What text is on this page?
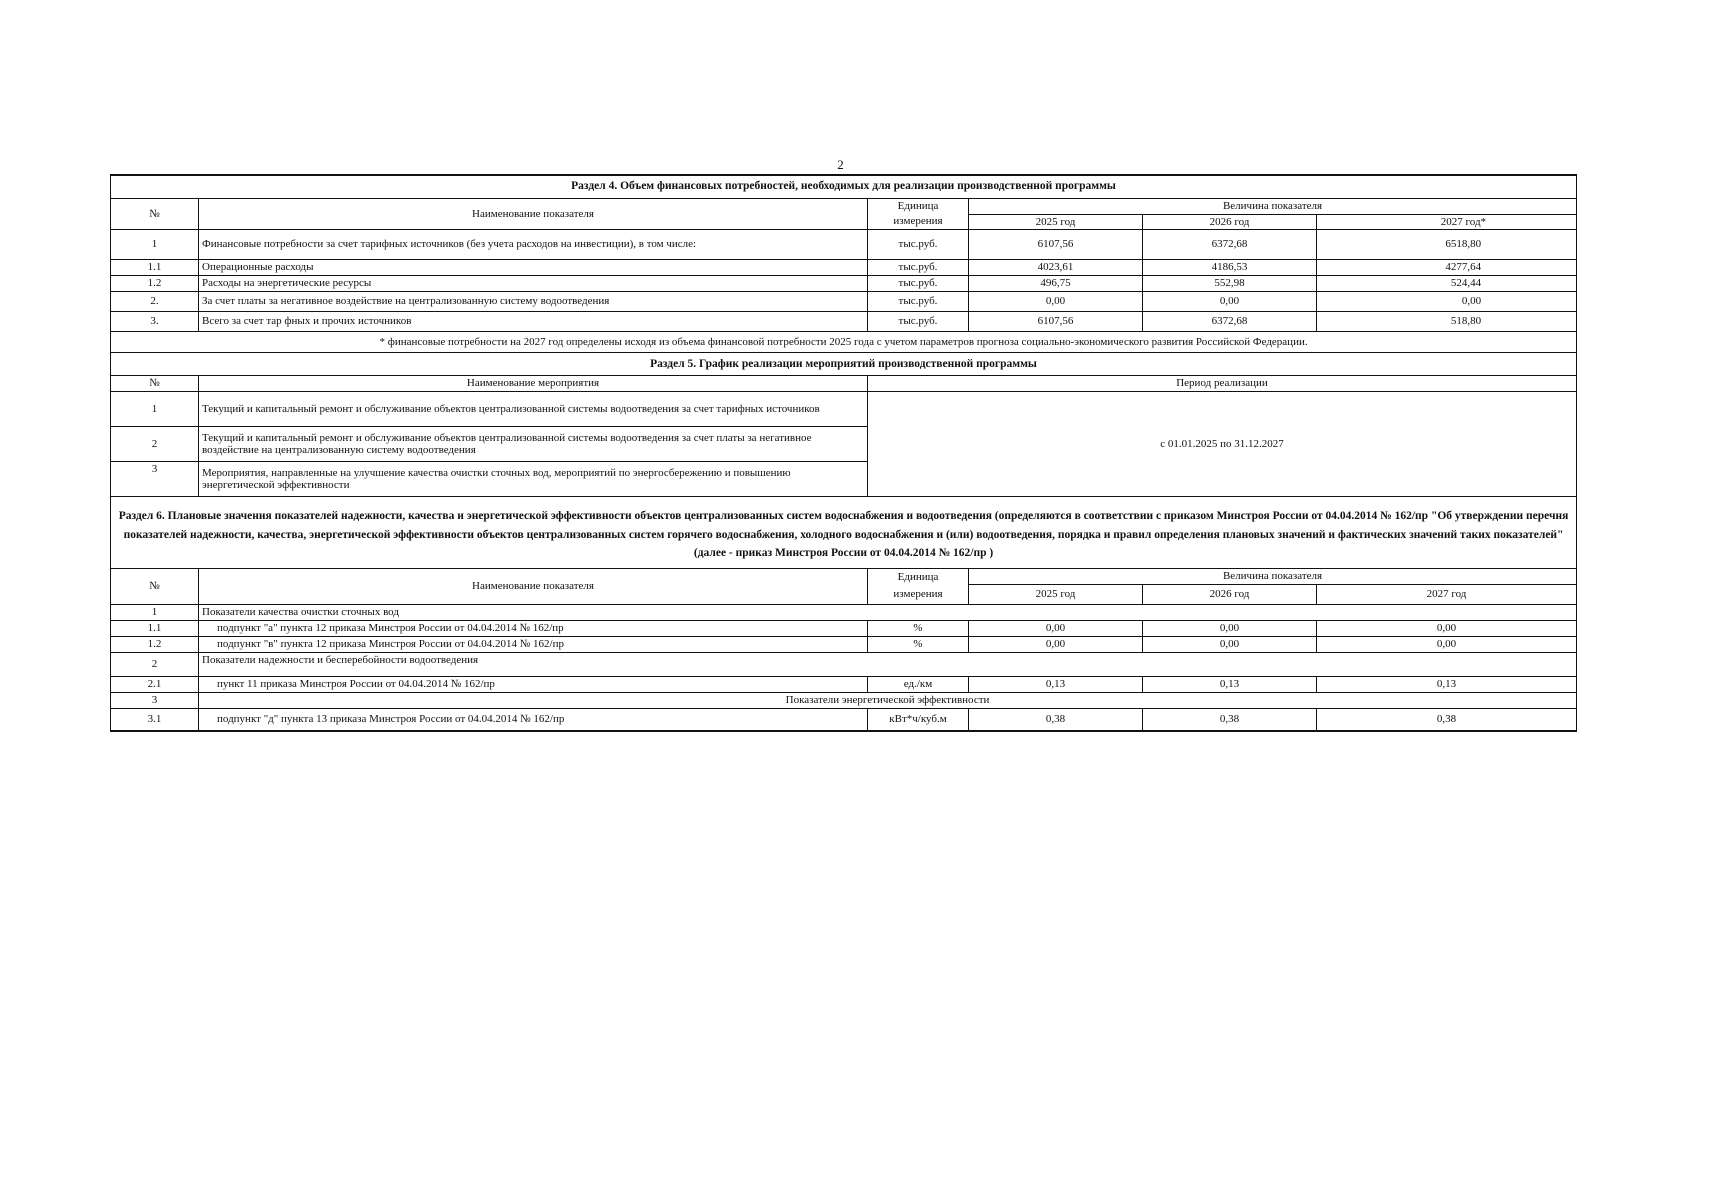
2
Раздел 4. Объем финансовых потребностей, необходимых для реализации производственной программы					
№	Наименование показателя	Единица	Величина показателя		
		измерения	2025 год	2026 год	2027 год*
1	Финансовые потребности за счет тарифных источников (без учета расходов на инвестиции), в том числе:	тыс.руб.	6107,56	6372,68	6518,80
1.1	Операционные расходы	тыс.руб.	4023,61	4186,53	4277,64
1.2	Расходы на энергетические ресурсы	тыс.руб.	496,75	552,98	524,44
2.	За счет платы за негативное воздействие на централизованную систему водоотведения	тыс.руб.	0,00	0,00	0,00
3.	Всего за счет тар фных и прочих источников	тыс.руб.	6107,56	6372,68	518,80
* финансовые потребности на 2027 год определены исходя из объема финансовой потребности 2025 года с учетом параметров прогноза социально-экономического развития Российской Федерации.					
Раздел 5. График реализации мероприятий производственной программы		
№	Наименование мероприятия	Период реализации
1	Текущий и капитальный ремонт и обслуживание объектов централизованной системы водоотведения за счет тарифных источников	с 01.01.2025 по 31.12.2027
2	Текущий и капитальный ремонт и обслуживание объектов централизованной системы водоотведения за счет платы за негативное воздействие на централизованную систему водоотведения	
3	Мероприятия, направленные на улучшение качества очистки сточных вод, мероприятий по энергосбережению и повышению энергетической эффективности	
Раздел 6. Плановые значения показателей надежности, качества и энергетической эффективности объектов централизованных систем водоснабжения и водоотведения (определяются в соответствии с приказом Минстроя России от 04.04.2014 № 162/пр "Об утверждении перечня показателей надежности, качества, энергетической эффективности объектов централизованных систем горячего водоснабжения, холодного водоснабжения и (или) водоотведения, порядка и правил определения плановых значений и фактических значений таких показателей" (далее - приказ Минстроя России от 04.04.2014 № 162/пр )					
№	Наименование показателя	Единица	Величина показателя		
		измерения	2025 год	2026 год	2027 год
1	Показатели качества очистки сточных вод				
1.1	подпункт "а" пункта 12 приказа Минстроя России от 04.04.2014 № 162/пр	%	0,00	0,00	0,00
1.2	подпункт "в" пункта 12 приказа Минстроя России от 04.04.2014 № 162/пр	%	0,00	0,00	0,00
2	Показатели надежности и бесперебойности водоотведения				
2.1	пункт 11 приказа Минстроя России от 04.04.2014 № 162/пр	ед./км	0,13	0,13	0,13
3	Показатели энергетической эффективности				
3.1	подпункт "д" пункта 13 приказа Минстроя России от 04.04.2014 № 162/пр	кВт*ч/куб.м	0,38	0,38	0,38
